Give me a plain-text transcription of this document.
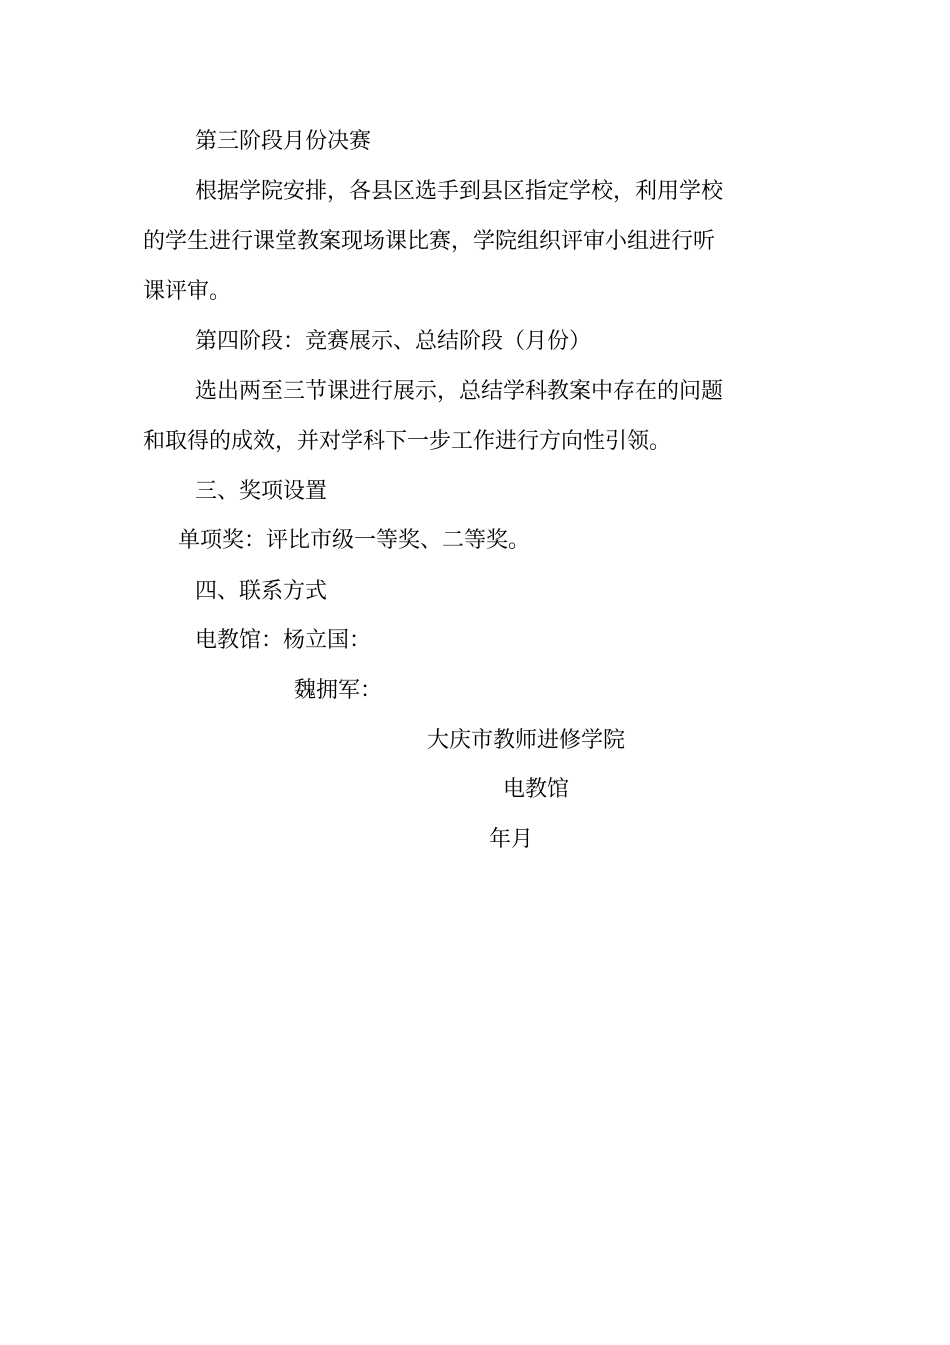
第三阶段月份决赛
根据学院安排，各县区选手到县区指定学校，利用学校
的学生进行课堂教案现场课比赛，学院组织评审小组进行听
课评审。
第四阶段：竞赛展示、总结阶段（月份）
选出两至三节课进行展示，总结学科教案中存在的问题
和取得的成效，并对学科下一步工作进行方向性引领。
三、奖项设置
单项奖：评比市级一等奖、二等奖。
四、联系方式
电教馆：杨立国：
魏拥军：
大庆市教师进修学院
电教馆
年月
